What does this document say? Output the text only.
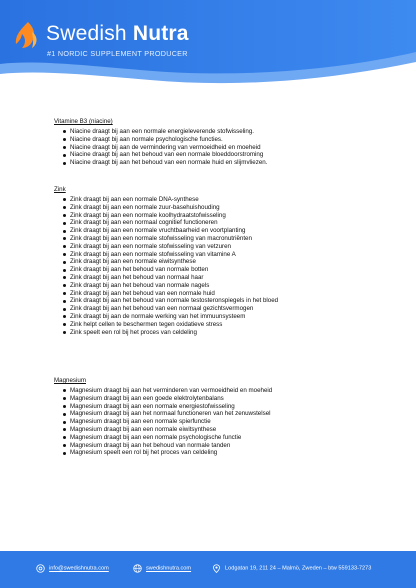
Swedish Nutra
#1 NORDIC SUPPLEMENT PRODUCER
Vitamine B3 (niacine)
Niacine draagt bij aan een normale energieleverende stofwisseling.
Niacine draagt bij aan normale psychologische functies.
Niacine draagt bij aan de vermindering van vermoeidheid en moeheid
Niacine draagt bij aan het behoud van een normale bloeddoorstroming
Niacine draagt bij aan het behoud van een normale huid en slijmvliezen.
Zink
Zink draagt bij aan een normale DNA-synthese
Zink draagt bij aan een normale zuur-basehuishouding
Zink draagt bij aan een normale koolhydraatstofwisseling
Zink draagt bij aan een normaal cognitief functioneren
Zink draagt bij aan een normale vruchtbaarheid en voortplanting
Zink draagt bij aan een normale stofwisseling van macronutriënten
Zink draagt bij aan een normale stofwisseling van vetzuren
Zink draagt bij aan een normale stofwisseling van vitamine A
Zink draagt bij aan een normale eiwitsynthese
Zink draagt bij aan het behoud van normale botten
Zink draagt bij aan het behoud van normaal haar
Zink draagt bij aan het behoud van normale nagels
Zink draagt bij aan het behoud van een normale huid
Zink draagt bij aan het behoud van normale testosteronspiegels in het bloed
Zink draagt bij aan het behoud van een normaal gezichtsvermogen
Zink draagt bij aan de normale werking van het immuunsysteem
Zink helpt cellen te beschermen tegen oxidatieve stress
Zink speelt een rol bij het proces van celdeling
Magnesium
Magnesium draagt bij aan het verminderen van vermoeidheid en moeheid
Magnesium draagt bij aan een goede elektrolytenbalans
Magnesium draagt bij aan een normale energiestofwisseling
Magnesium draagt bij aan het normaal functioneren van het zenuwstelsel
Magnesium draagt bij aan een normale spierfunctie
Magnesium draagt bij aan een normale eiwitsynthese
Magnesium draagt bij aan een normale psychologische functie
Magnesium draagt bij aan het behoud van normale tanden
Magnesium speelt een rol bij het proces van celdeling
info@swedishnutra.com	swedishnutra.com	Lodgatan 19, 211 24 – Malmö, Zweden – btw 559133-7273
